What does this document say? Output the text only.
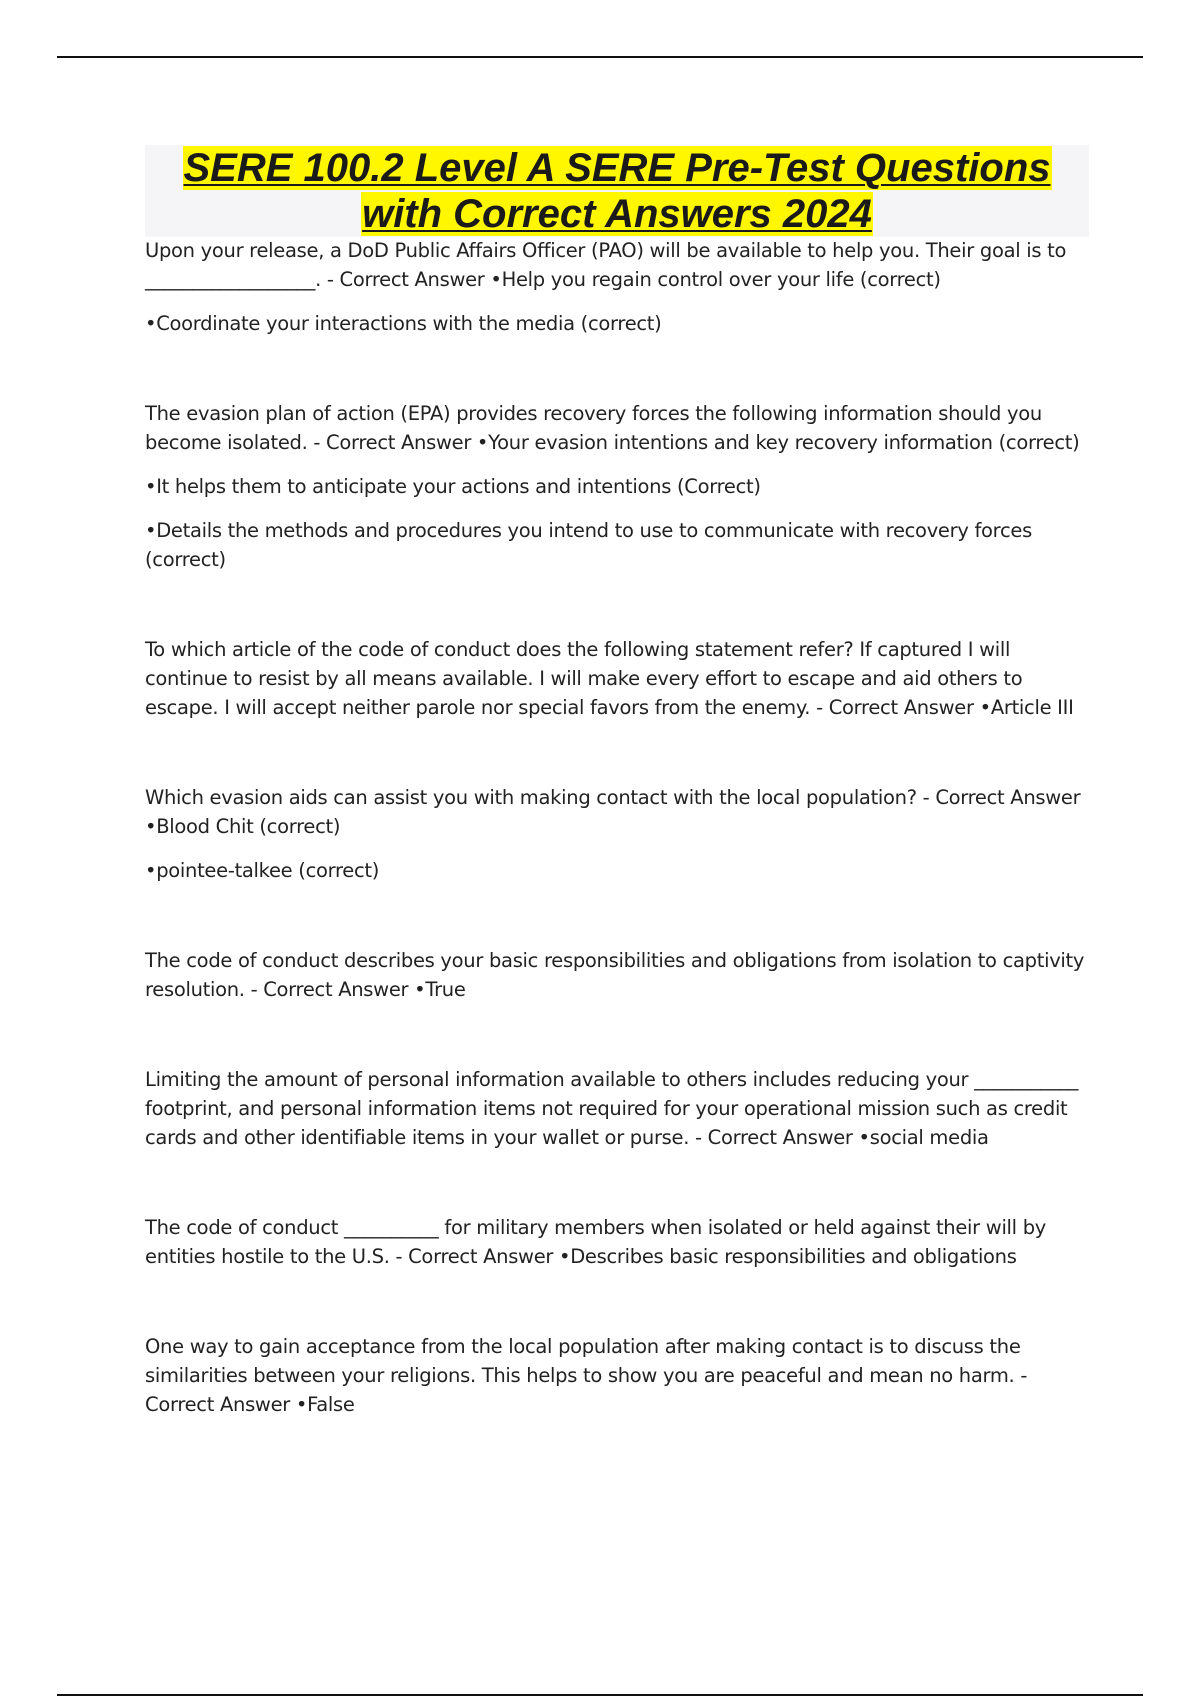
SERE 100.2 Level A SERE Pre-Test Questions with Correct Answers 2024

Upon your release, a DoD Public Affairs Officer (PAO) will be available to help you. Their goal is to __________________. - Correct Answer •Help you regain control over your life (correct)

•Coordinate your interactions with the media (correct)

The evasion plan of action (EPA) provides recovery forces the following information should you become isolated. - Correct Answer •Your evasion intentions and key recovery information (correct)

•It helps them to anticipate your actions and intentions (Correct)

•Details the methods and procedures you intend to use to communicate with recovery forces (correct)

To which article of the code of conduct does the following statement refer? If captured I will continue to resist by all means available. I will make every effort to escape and aid others to escape. I will accept neither parole nor special favors from the enemy. - Correct Answer •Article III

Which evasion aids can assist you with making contact with the local population? - Correct Answer •Blood Chit (correct)

•pointee-talkee (correct)

The code of conduct describes your basic responsibilities and obligations from isolation to captivity resolution. - Correct Answer •True

Limiting the amount of personal information available to others includes reducing your ___________ footprint, and personal information items not required for your operational mission such as credit cards and other identifiable items in your wallet or purse. - Correct Answer •social media

The code of conduct __________ for military members when isolated or held against their will by entities hostile to the U.S. - Correct Answer •Describes basic responsibilities and obligations

One way to gain acceptance from the local population after making contact is to discuss the similarities between your religions. This helps to show you are peaceful and mean no harm. - Correct Answer •False
